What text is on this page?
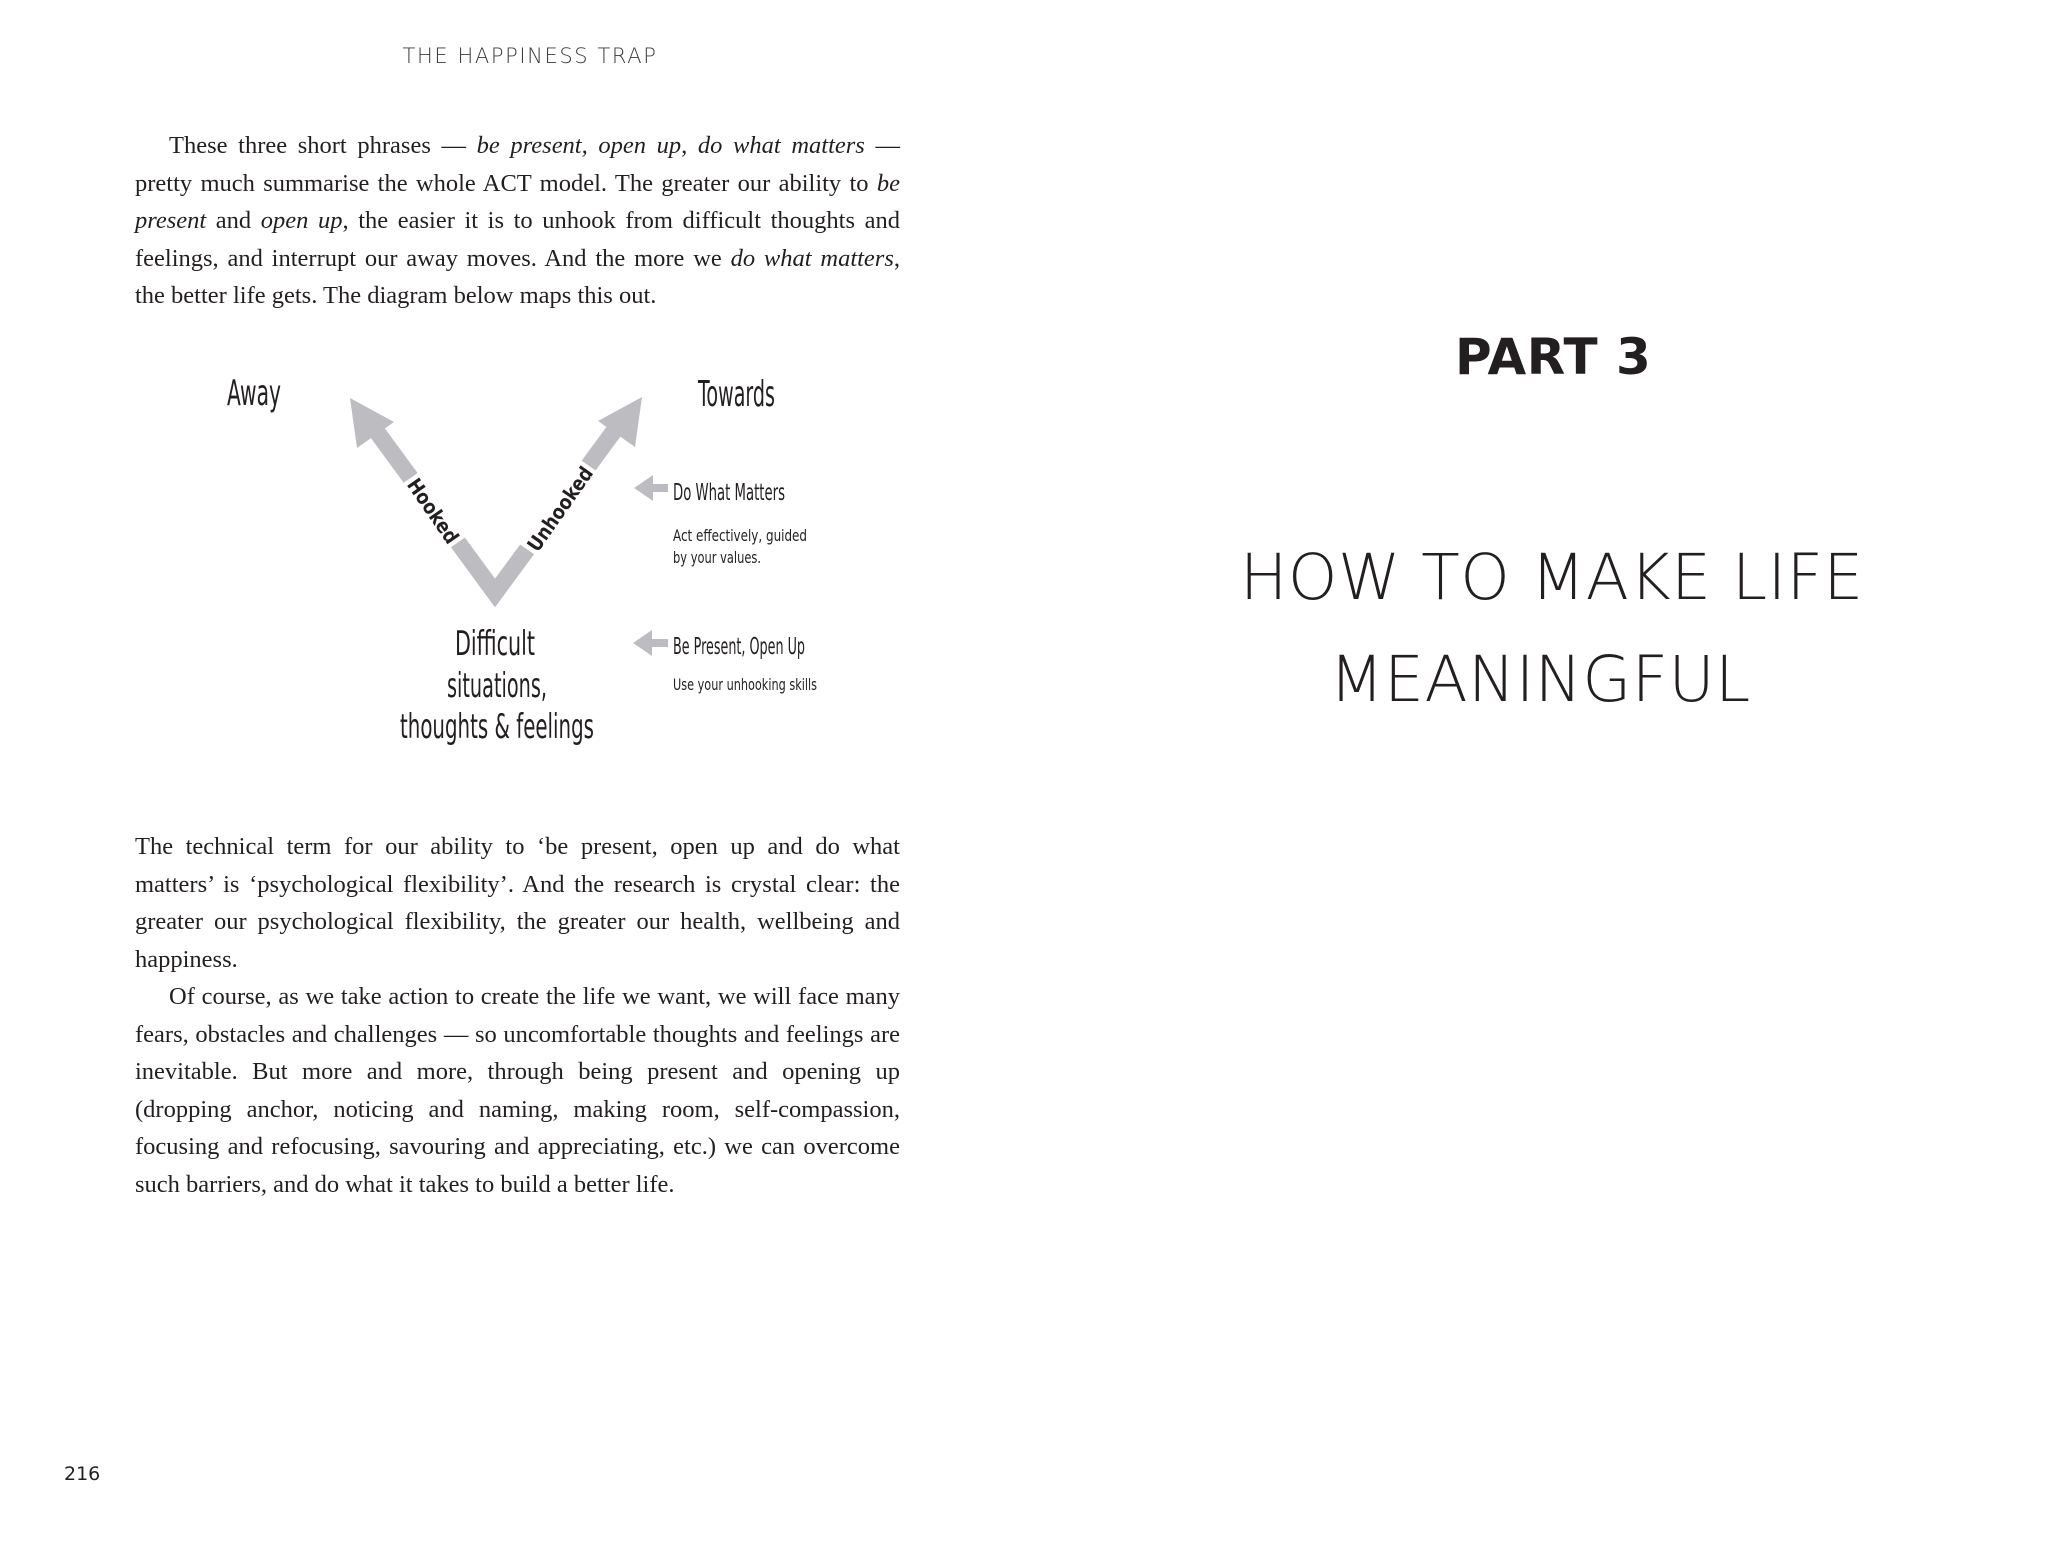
THE HAPPINESS TRAP

These three short phrases — be present, open up, do what matters — pretty much summarise the whole ACT model. The greater our ability to be present and open up, the easier it is to unhook from difficult thoughts and feelings, and interrupt our away moves. And the more we do what matters, the better life gets. The diagram below maps this out.

Hooked	Unhooked
Away	Towards
Do What Matters
Act effectively, guided
by your values.
Be Present, Open Up
Use your unhooking skills
Difficult
situations,
thoughts & feelings

The technical term for our ability to ‘be present, open up and do what matters’ is ‘psychological flexibility’. And the research is crystal clear: the greater our psychological flexibility, the greater our health, wellbeing and happiness.

Of course, as we take action to create the life we want, we will face many fears, obstacles and challenges — so uncomfortable thoughts and feelings are inevitable. But more and more, through being present and opening up (dropping anchor, noticing and naming, making room, self-compassion, focusing and refocusing, savouring and appreciating, etc.) we can overcome such barriers, and do what it takes to build a better life.

216
PART 3
HOW TO MAKE LIFE
MEANINGFUL
